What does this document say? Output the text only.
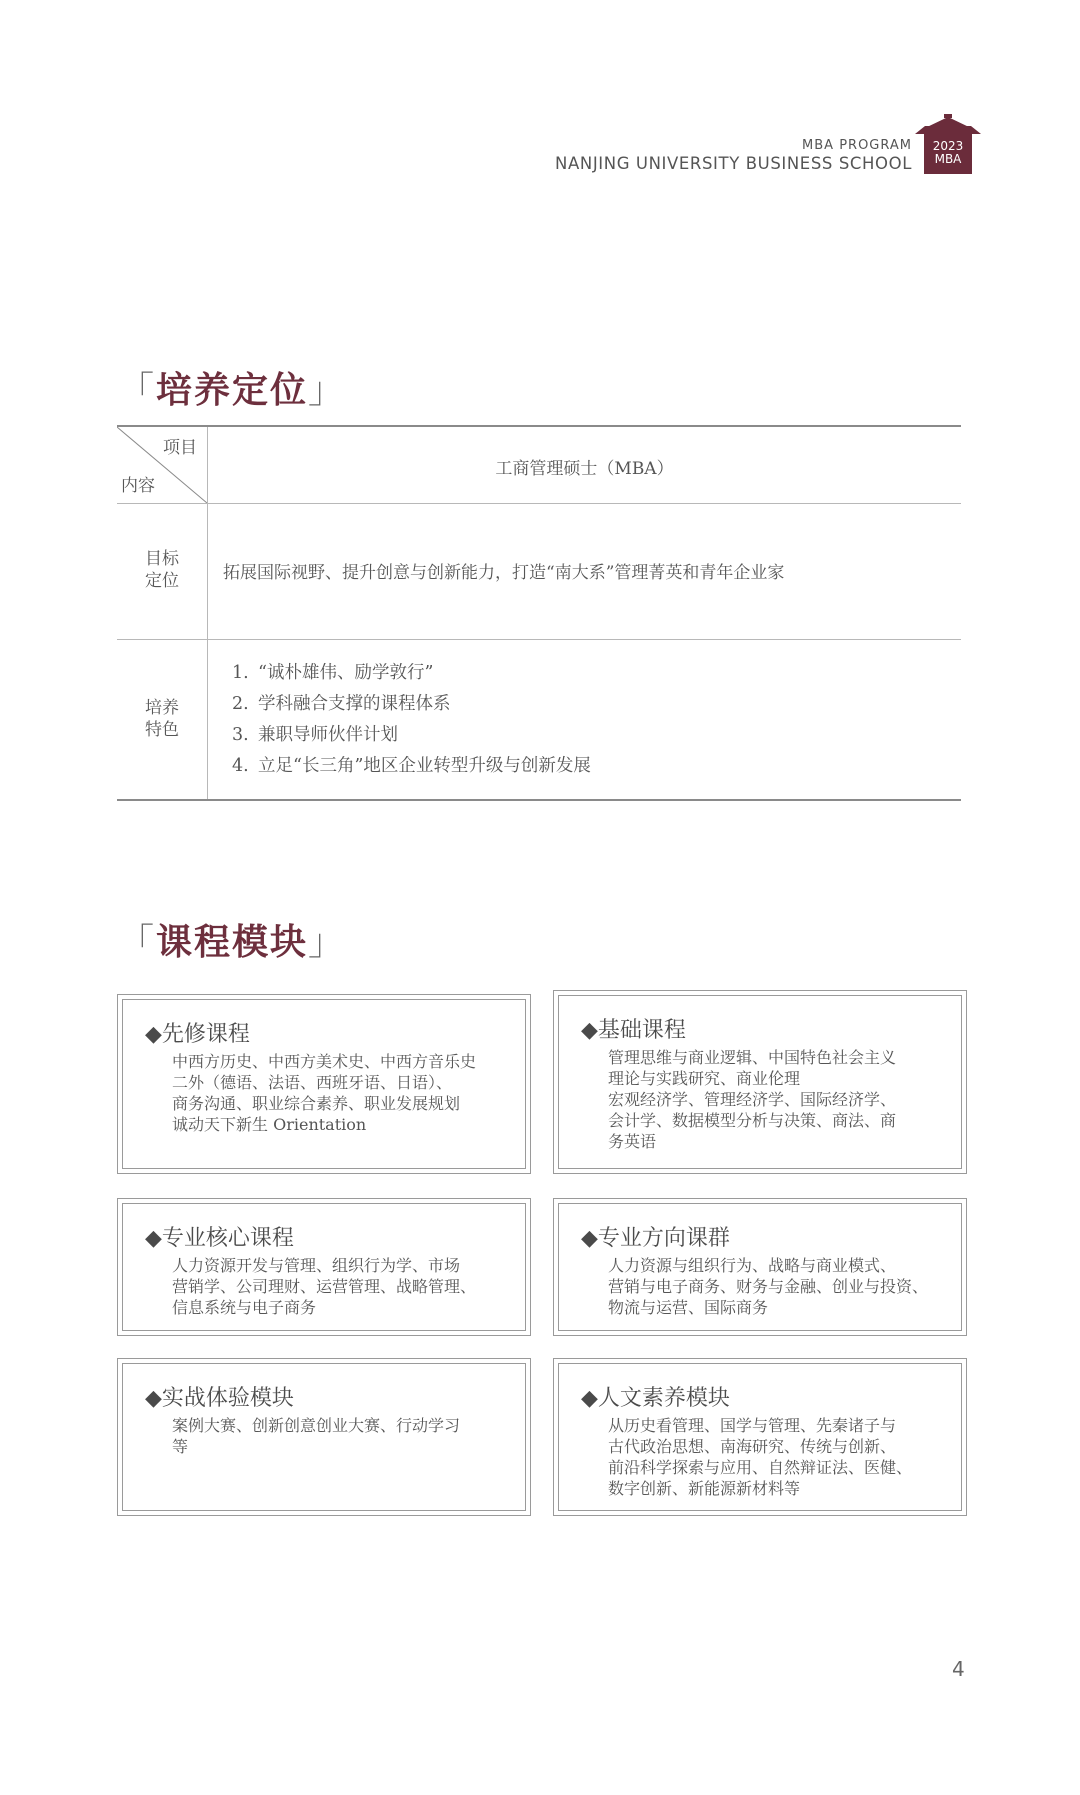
MBA PROGRAM
NANJING UNIVERSITY BUSINESS SCHOOL
2023
MBA
「培养定位」
项目
内容
工商管理硕士（MBA）
目标
定位	拓展国际视野、提升创意与创新能力，打造“南大系”管理菁英和青年企业家
培养
特色
1. “诚朴雄伟、励学敦行”
2. 学科融合支撑的课程体系
3. 兼职导师伙伴计划
4. 立足“长三角”地区企业转型升级与创新发展
「课程模块」
◆先修课程
中西方历史、中西方美术史、中西方音乐史
二外（德语、法语、西班牙语、日语）、
商务沟通、职业综合素养、职业发展规划
诚动天下新生 Orientation
◆基础课程
管理思维与商业逻辑、中国特色社会主义
理论与实践研究、商业伦理
宏观经济学、管理经济学、国际经济学、
会计学、数据模型分析与决策、商法、商
务英语
◆专业核心课程
人力资源开发与管理、组织行为学、市场
营销学、公司理财、运营管理、战略管理、
信息系统与电子商务
◆专业方向课群
人力资源与组织行为、战略与商业模式、
营销与电子商务、财务与金融、创业与投资、
物流与运营、国际商务
◆实战体验模块
案例大赛、创新创意创业大赛、行动学习
等
◆人文素养模块
从历史看管理、国学与管理、先秦诸子与
古代政治思想、南海研究、传统与创新、
前沿科学探索与应用、自然辩证法、医健、
数字创新、新能源新材料等
4
